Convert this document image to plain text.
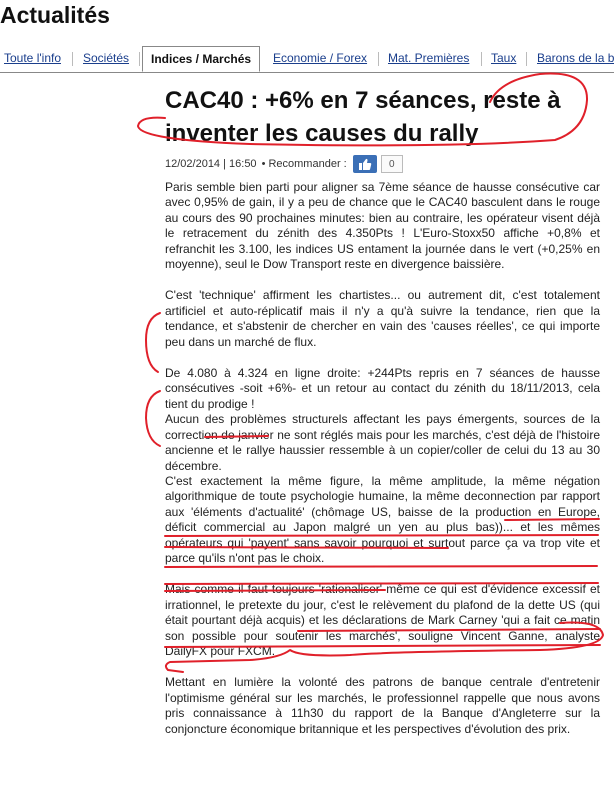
Actualités
Toute l'info Sociétés	Indices / Marchés	Economie / Forex Mat. Premières Taux Barons de la b
CAC40 : +6% en 7 séances, reste à inventer les causes du rally
12/02/2014 | 16:50 • Recommander :	0

Paris semble bien parti pour aligner sa 7ème séance de hausse consécutive car avec 0,95% de gain, il y a peu de chance que le CAC40 basculent dans le rouge au cours des 90 prochaines minutes: bien au contraire, les opérateur visent déjà le retracement du zénith des 4.350Pts ! L'Euro-Stoxx50 affiche +0,8% et refranchit les 3.100, les indices US entament la journée dans le vert (+0,25% en moyenne), seul le Dow Transport reste en divergence baissière.

C'est 'technique' affirment les chartistes... ou autrement dit, c'est totalement artificiel et auto-réplicatif mais il n'y a qu'à suivre la tendance, rien que la tendance, et s'abstenir de chercher en vain des 'causes réelles', ce qui importe peu dans un marché de flux.

De 4.080 à 4.324 en ligne droite: +244Pts repris en 7 séances de hausse consécutives -soit +6%- et un retour au contact du zénith du 18/11/2013, cela tient du prodige !

Aucun des problèmes structurels affectant les pays émergents, sources de la correction de janvier ne sont réglés mais pour les marchés, c'est déjà de l'histoire ancienne et le rallye haussier ressemble à un copier/coller de celui du 13 au 30 décembre.

C'est exactement la même figure, la même amplitude, la même négation algorithmique de toute psychologie humaine, la même deconnection par rapport aux 'éléments d'actualité' (chômage US, baisse de la production en Europe, déficit commercial au Japon malgré un yen au plus bas))... et les mêmes opérateurs qui 'payent' sans savoir pourquoi et surtout parce ça va trop vite et parce qu'ils n'ont pas le choix.

Mais comme il faut toujours 'rationaliser' même ce qui est d'évidence excessif et irrationnel, le pretexte du jour, c'est le relèvement du plafond de la dette US (qui était pourtant déjà acquis) et les déclarations de Mark Carney 'qui a fait ce matin son possible pour soutenir les marchés', souligne Vincent Ganne, analyste DailyFX pour FXCM.

Mettant en lumière la volonté des patrons de banque centrale d'entretenir l'optimisme général sur les marchés, le professionnel rappelle que nous avons pris connaissance à 11h30 du rapport de la Banque d'Angleterre sur la conjoncture économique britannique et les perspectives d'évolution des prix.
